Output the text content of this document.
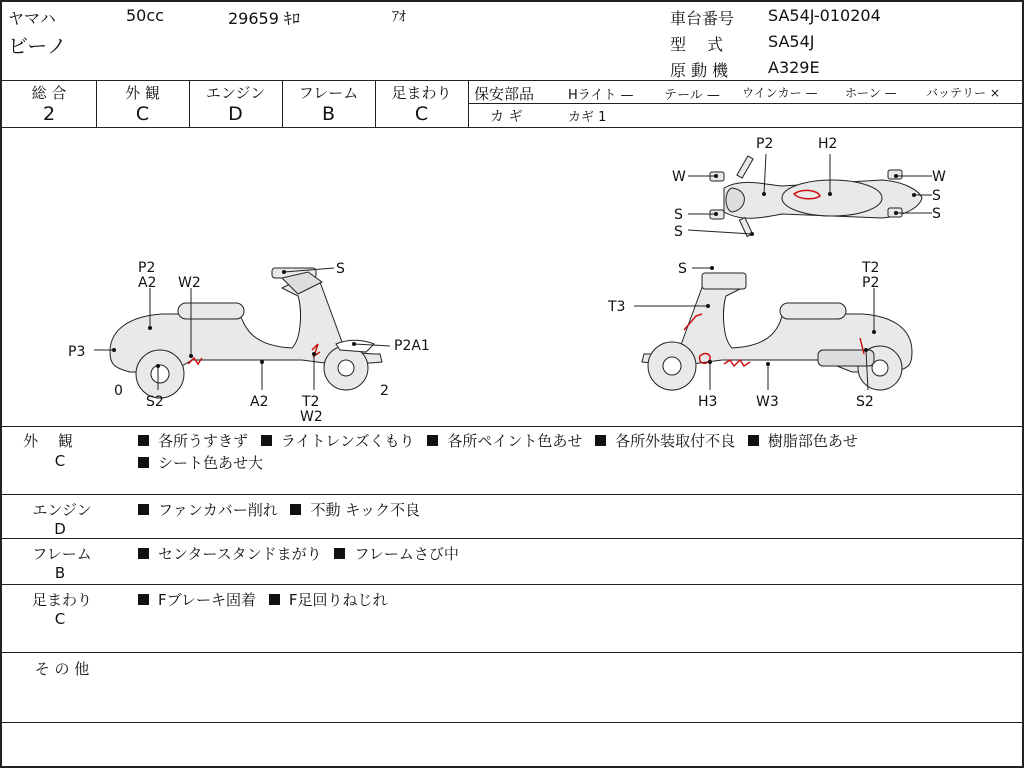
ヤマハ	50cc	29659 ｷﾛ	ｱｵ
ビーノ
車台番号 SA54J-010204
型　 式	SA54J
原 動 機 A329E
総 合
2
外 観
C
エンジン
D
フレーム
B
足まわり
C
保安部品	Hライト — テール — ウインカー — ホーン — バッテリー ×
カ ギ	カギ 1
P2	H2
W	W
S
S
S
S
P2
A2 W2
S
P3	P2A1
0
S2	A2 T2
W2
2
S	T2
P2
T3
H3	W3	S2
外　 観
C
各所うすきず ライトレンズくもり 各所ペイント色あせ 各所外装取付不良 樹脂部色あせ
シート色あせ大
エンジン
D
ファンカバー削れ 不動 キック不良
フレーム
B
センタースタンドまがり フレームさび中
足まわり
C
Fブレーキ固着 F足回りねじれ
そ の 他
